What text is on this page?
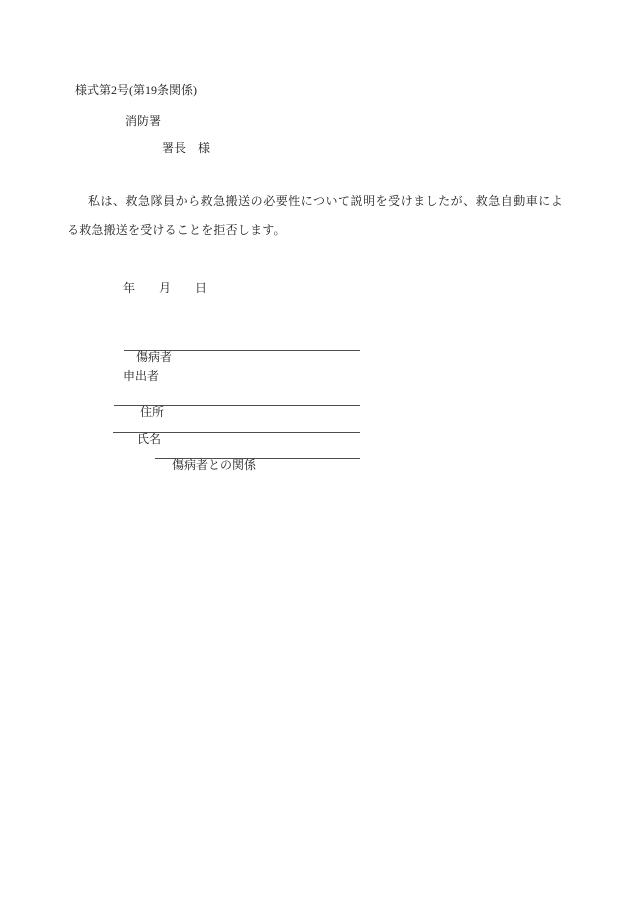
様式第2号(第19条関係)
消防署
署長　様

私は、救急隊員から救急搬送の必要性について説明を受けましたが、救急自動車による救急搬送を受けることを拒否します。

年　　月　　日

傷病者

申出者

住所

氏名

傷病者との関係
